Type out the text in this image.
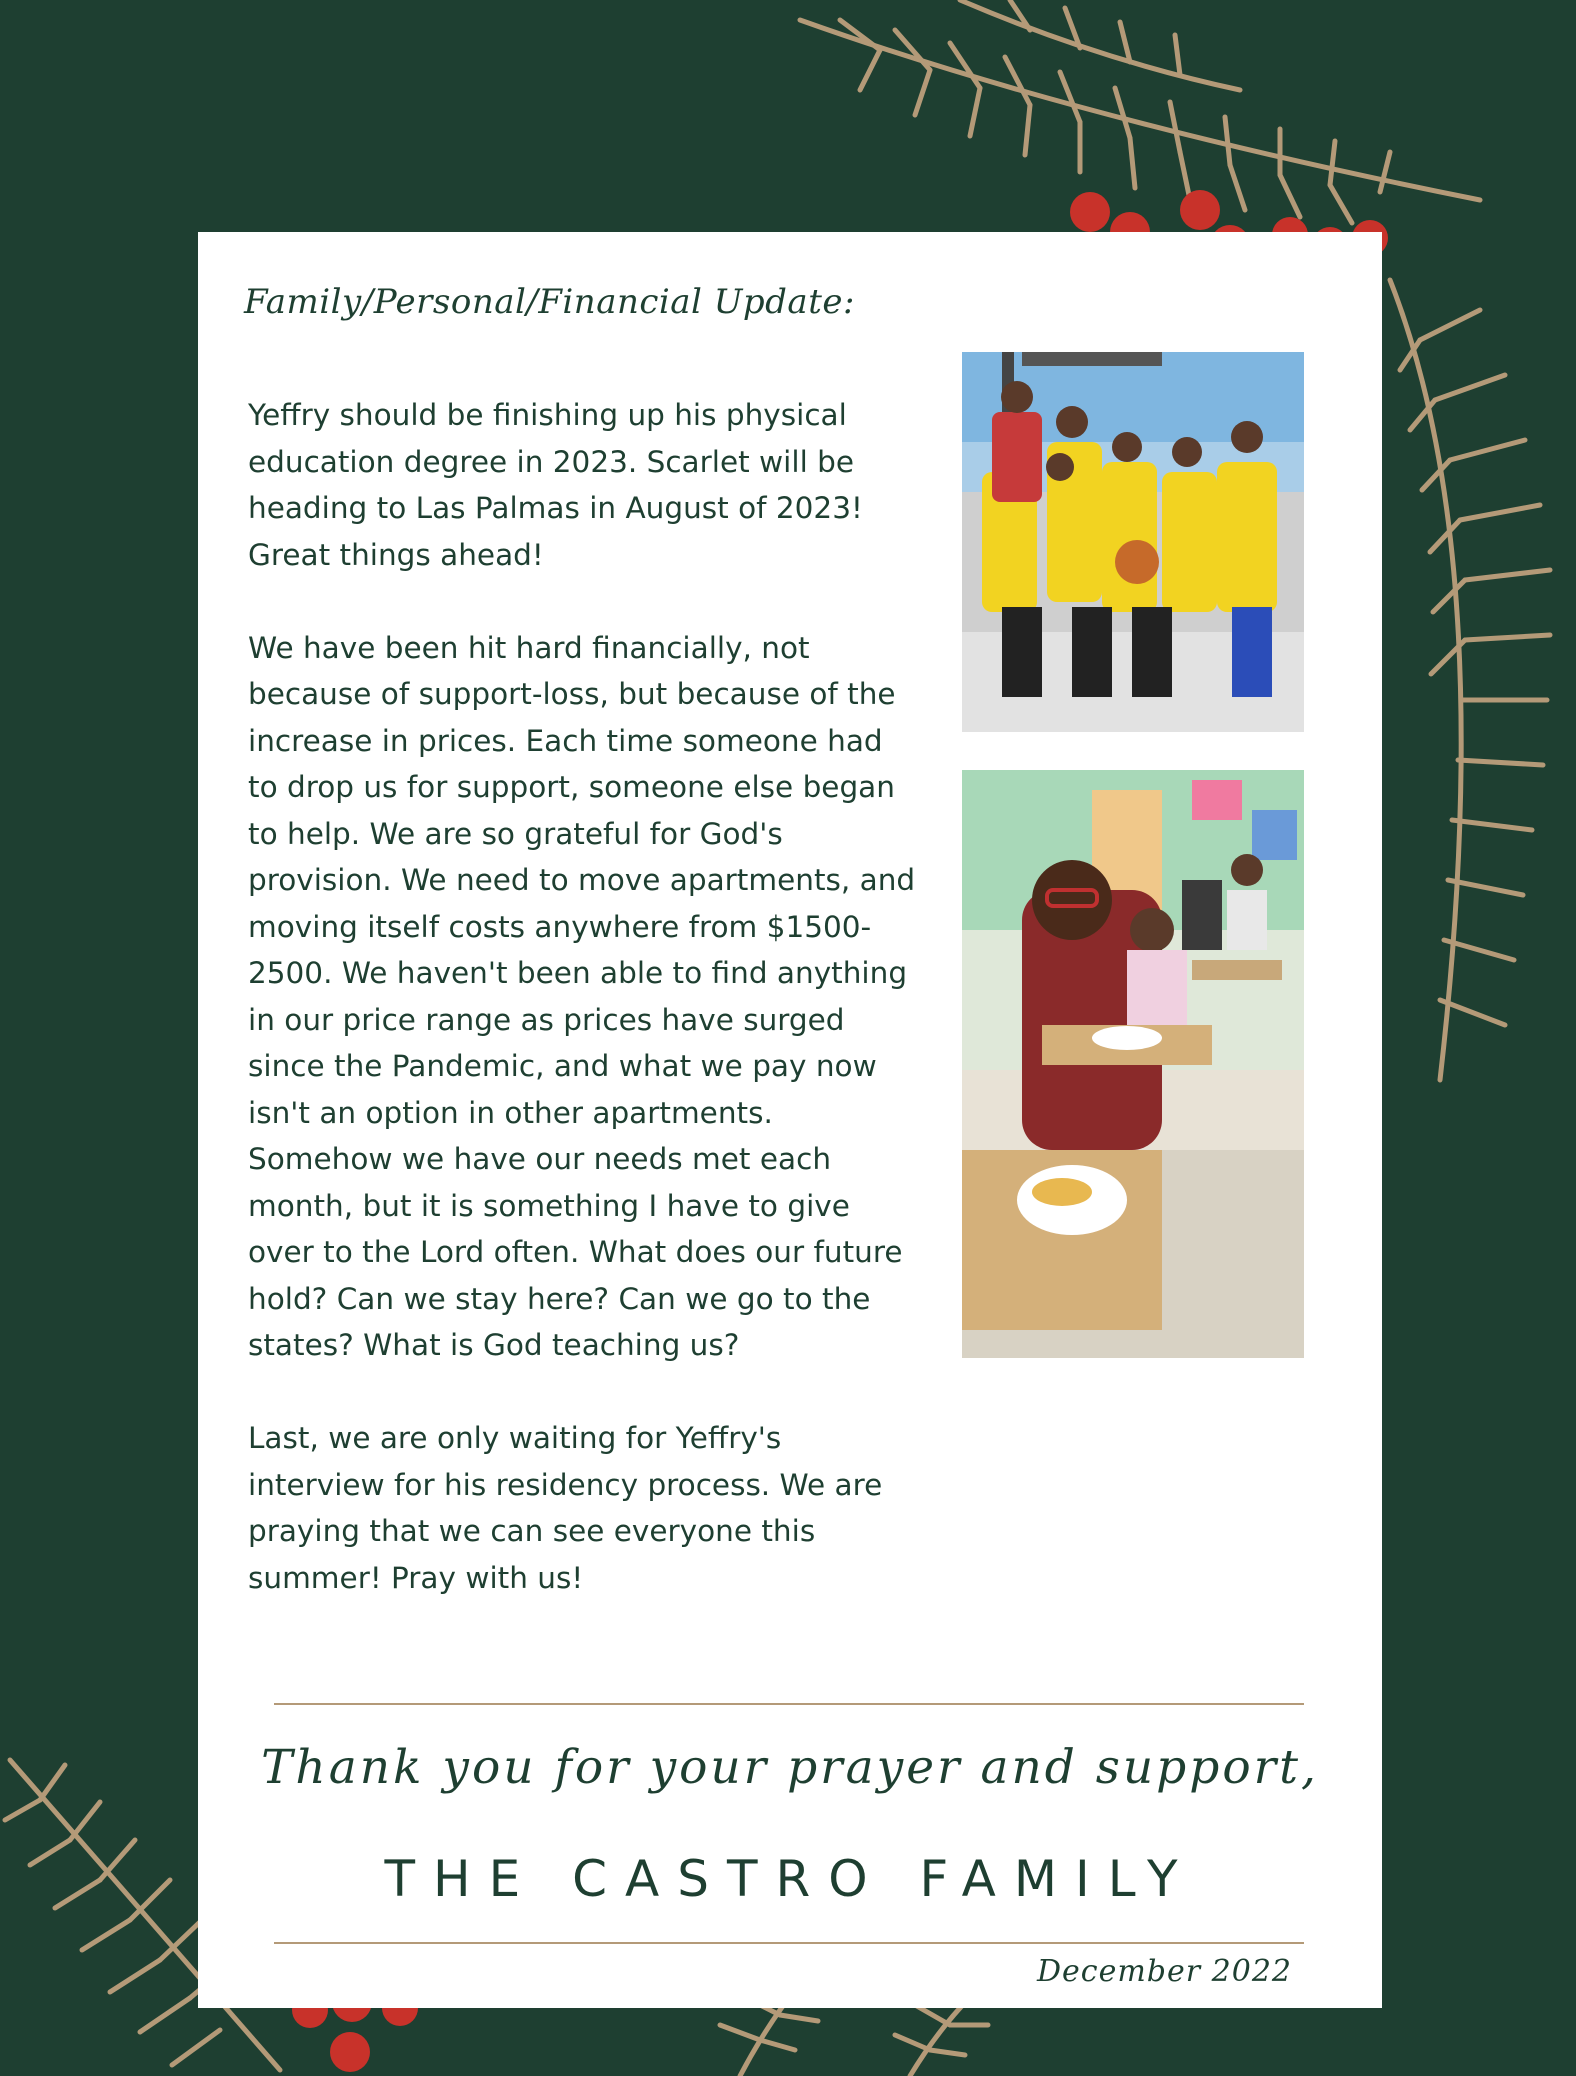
Family/Personal/Financial Update:

Yeffry should be finishing up his physical education degree in 2023. Scarlet will be heading to Las Palmas in August of 2023! Great things ahead!

We have been hit hard financially, not because of support-loss, but because of the increase in prices. Each time someone had to drop us for support, someone else began to help. We are so grateful for God's provision. We need to move apartments, and moving itself costs anywhere from $1500-2500. We haven't been able to find anything in our price range as prices have surged since the Pandemic, and what we pay now isn't an option in other apartments. Somehow we have our needs met each month, but it is something I have to give over to the Lord often. What does our future hold? Can we stay here? Can we go to the states? What is God teaching us?

Last, we are only waiting for Yeffry's interview for his residency process. We are praying that we can see everyone this summer! Pray with us!

Thank you for your prayer and support,
THE CASTRO FAMILY
December 2022
